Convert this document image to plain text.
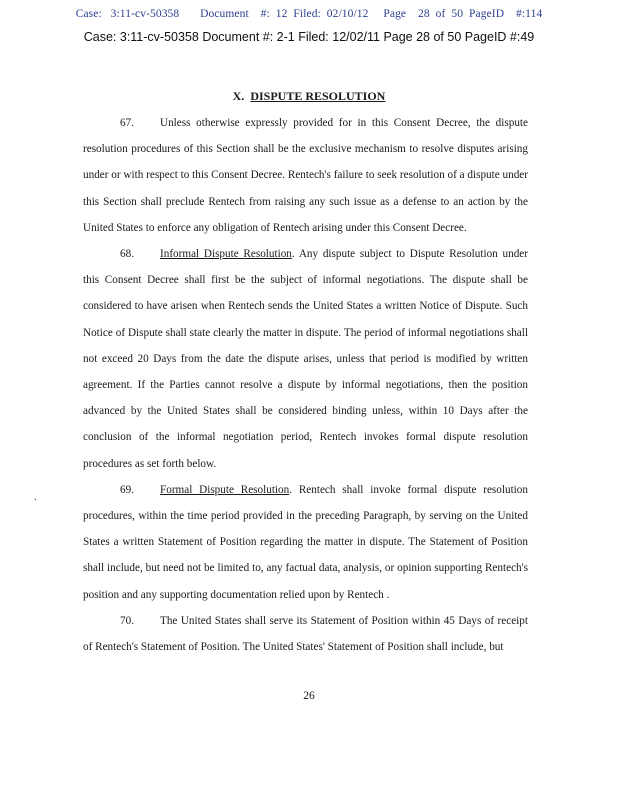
Case:   3:11-cv-50358       Document    #:  12  Filed:  02/10/12     Page    28  of  50  PageID    #:114
Case: 3:11-cv-50358 Document #: 2-1 Filed: 12/02/11 Page 28 of 50 PageID #:49
X. DISPUTE RESOLUTION

67. Unless otherwise expressly provided for in this Consent Decree, the dispute resolution procedures of this Section shall be the exclusive mechanism to resolve disputes arising under or with respect to this Consent Decree. Rentech's failure to seek resolution of a dispute under this Section shall preclude Rentech from raising any such issue as a defense to an action by the United States to enforce any obligation of Rentech arising under this Consent Decree.

68. Informal Dispute Resolution. Any dispute subject to Dispute Resolution under this Consent Decree shall first be the subject of informal negotiations. The dispute shall be considered to have arisen when Rentech sends the United States a written Notice of Dispute. Such Notice of Dispute shall state clearly the matter in dispute. The period of informal negotiations shall not exceed 20 Days from the date the dispute arises, unless that period is modified by written agreement. If the Parties cannot resolve a dispute by informal negotiations, then the position advanced by the United States shall be considered binding unless, within 10 Days after the conclusion of the informal negotiation period, Rentech invokes formal dispute resolution procedures as set forth below.

69. Formal Dispute Resolution. Rentech shall invoke formal dispute resolution procedures, within the time period provided in the preceding Paragraph, by serving on the United States a written Statement of Position regarding the matter in dispute. The Statement of Position shall include, but need not be limited to, any factual data, analysis, or opinion supporting Rentech's position and any supporting documentation relied upon by Rentech .

70. The United States shall serve its Statement of Position within 45 Days of receipt of Rentech's Statement of Position. The United States' Statement of Position shall include, but

.
26
